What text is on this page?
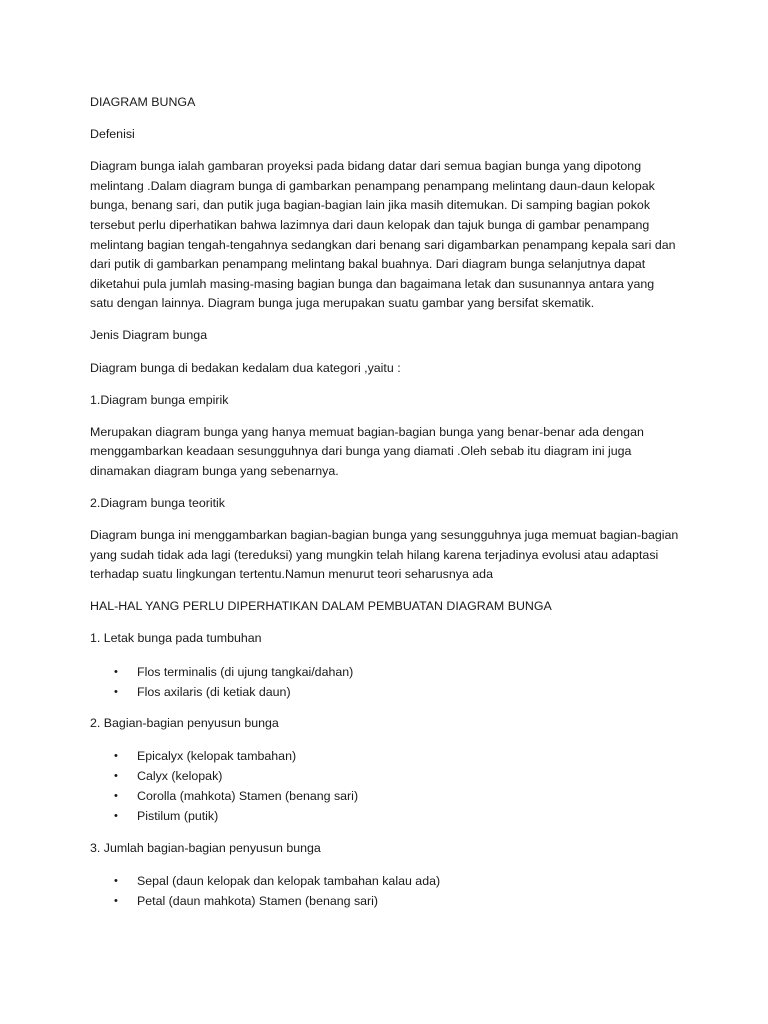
DIAGRAM BUNGA

Defenisi

Diagram bunga ialah gambaran proyeksi pada bidang datar dari semua bagian bunga yang dipotong melintang .Dalam diagram bunga di gambarkan penampang penampang melintang daun-daun kelopak bunga, benang sari, dan putik juga bagian-bagian lain jika masih ditemukan. Di samping bagian pokok tersebut perlu diperhatikan bahwa lazimnya dari daun kelopak dan tajuk bunga di gambar penampang melintang bagian tengah-tengahnya sedangkan dari benang sari digambarkan penampang kepala sari dan dari putik di gambarkan penampang melintang bakal buahnya. Dari diagram bunga selanjutnya dapat diketahui pula jumlah masing-masing bagian bunga dan bagaimana letak dan susunannya antara yang satu dengan lainnya. Diagram bunga juga merupakan suatu gambar yang bersifat skematik.

Jenis Diagram bunga

Diagram bunga di bedakan kedalam dua kategori ,yaitu :

1.Diagram bunga empirik

Merupakan diagram bunga yang hanya memuat bagian-bagian bunga yang benar-benar ada dengan menggambarkan keadaan sesungguhnya dari bunga yang diamati .Oleh sebab itu diagram ini juga dinamakan diagram bunga yang sebenarnya.

2.Diagram bunga teoritik

Diagram bunga ini menggambarkan bagian-bagian bunga yang sesungguhnya juga memuat bagian-bagian yang sudah tidak ada lagi (tereduksi) yang mungkin telah hilang karena terjadinya evolusi atau adaptasi terhadap suatu lingkungan tertentu.Namun menurut teori seharusnya ada

HAL-HAL YANG PERLU DIPERHATIKAN DALAM PEMBUATAN DIAGRAM BUNGA

1. Letak bunga pada tumbuhan

• Flos terminalis (di ujung tangkai/dahan)
• Flos axilaris (di ketiak daun)

2. Bagian-bagian penyusun bunga

• Epicalyx (kelopak tambahan)
• Calyx (kelopak)
• Corolla (mahkota) Stamen (benang sari)
• Pistilum (putik)

3. Jumlah bagian-bagian penyusun bunga

• Sepal (daun kelopak dan kelopak tambahan kalau ada)
• Petal (daun mahkota) Stamen (benang sari)
